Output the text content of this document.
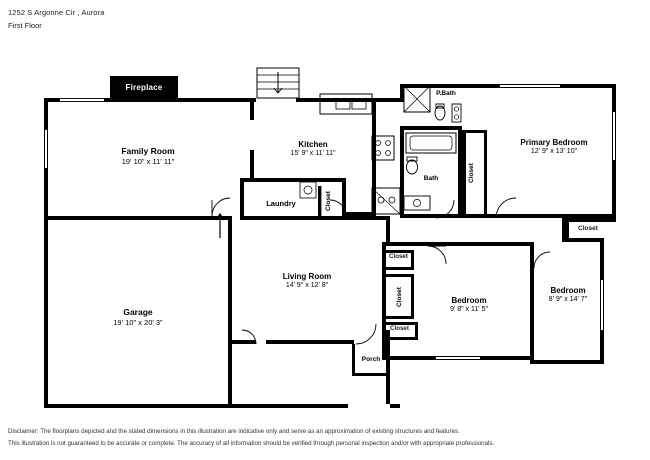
1252 S Argonne Cir , Aurora
First Floor
Fireplace
Family Room
19' 10" x 11' 11"
Kitchen
15' 9" x 11' 11"
Primary Bedroom
12' 9" x 13' 10"
P.Bath
Bath
Laundry
Living Room
14' 9" x 12' 8"
Garage
19' 10" x 20' 3"
Bedroom
9' 8" x 11' 5"
Bedroom
8' 9" x 14' 7"
Porch
Closet
Closet
Closet
Closet
Closet
Closet
Disclaimer: The floorplans depicted and the stated dimensions in this illustration are indicative only and serve as an approximation of existing structures and features.
This illustration is not guaranteed to be accurate or complete. The accuracy of all information should be verified through personal inspection and/or with appropriate professionals.
